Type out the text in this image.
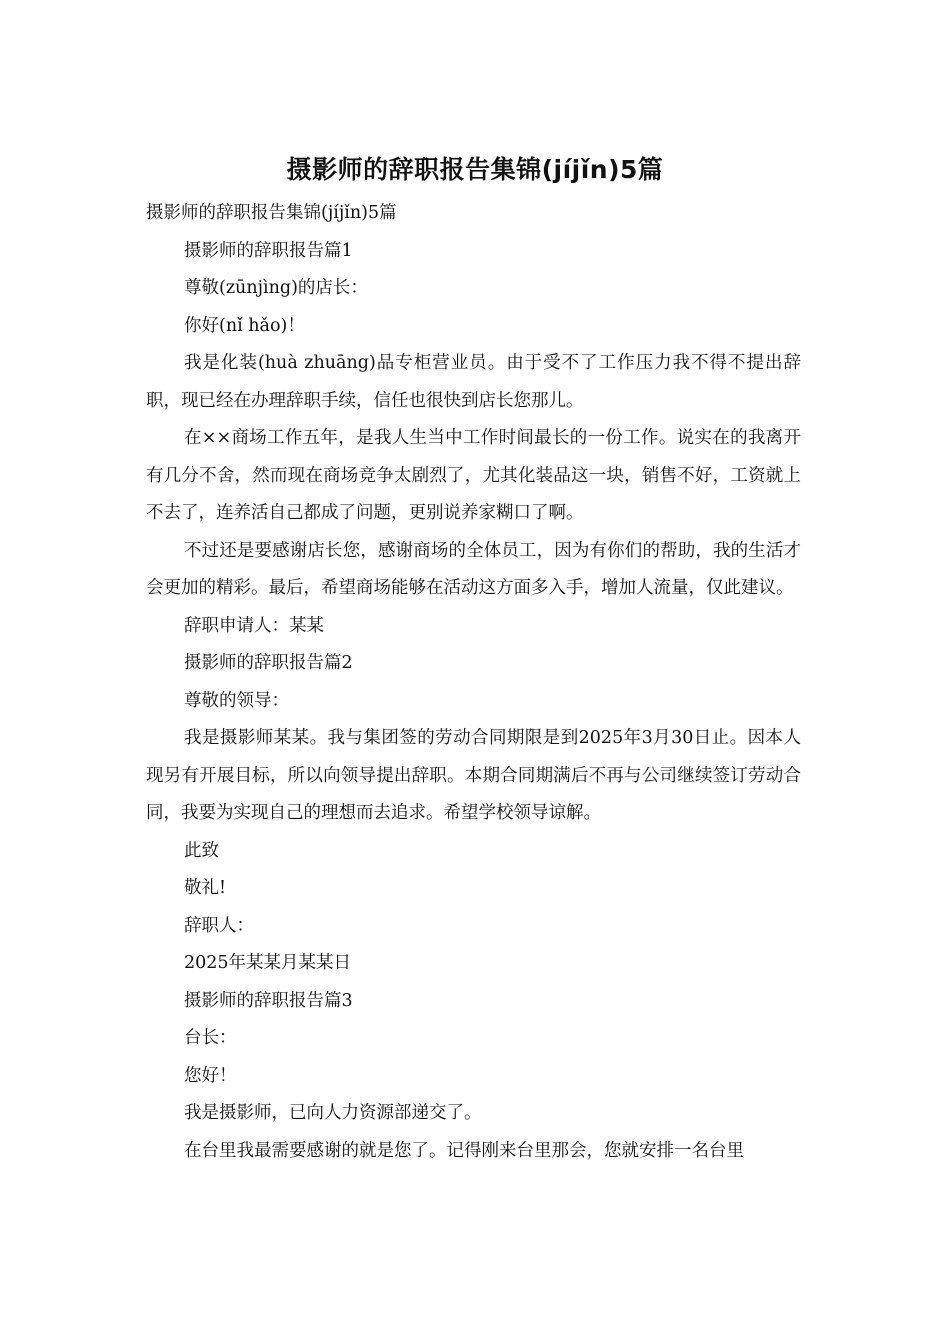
摄影师的辞职报告集锦(jíjǐn)5篇

摄影师的辞职报告集锦(jíjǐn)5篇

摄影师的辞职报告篇1

尊敬(zūnjìng)的店长：

你好(nǐ hǎo)！

我是化装(huà zhuāng)品专柜营业员。由于受不了工作压力我不得不提出辞职，现已经在办理辞职手续，信任也很快到店长您那儿。

在××商场工作五年，是我人生当中工作时间最长的一份工作。说实在的我离开有几分不舍，然而现在商场竞争太剧烈了，尤其化装品这一块，销售不好，工资就上不去了，连养活自己都成了问题，更别说养家糊口了啊。

不过还是要感谢店长您，感谢商场的全体员工，因为有你们的帮助，我的生活才会更加的精彩。最后，希望商场能够在活动这方面多入手，增加人流量，仅此建议。

辞职申请人：某某

摄影师的辞职报告篇2

尊敬的领导：

我是摄影师某某。我与集团签的劳动合同期限是到2025年3月30日止。因本人现另有开展目标，所以向领导提出辞职。本期合同期满后不再与公司继续签订劳动合同，我要为实现自己的理想而去追求。希望学校领导谅解。

此致

敬礼!

辞职人：

2025年某某月某某日

摄影师的辞职报告篇3

台长：

您好！

我是摄影师，已向人力资源部递交了。

在台里我最需要感谢的就是您了。记得刚来台里那会，您就安排一名台里
